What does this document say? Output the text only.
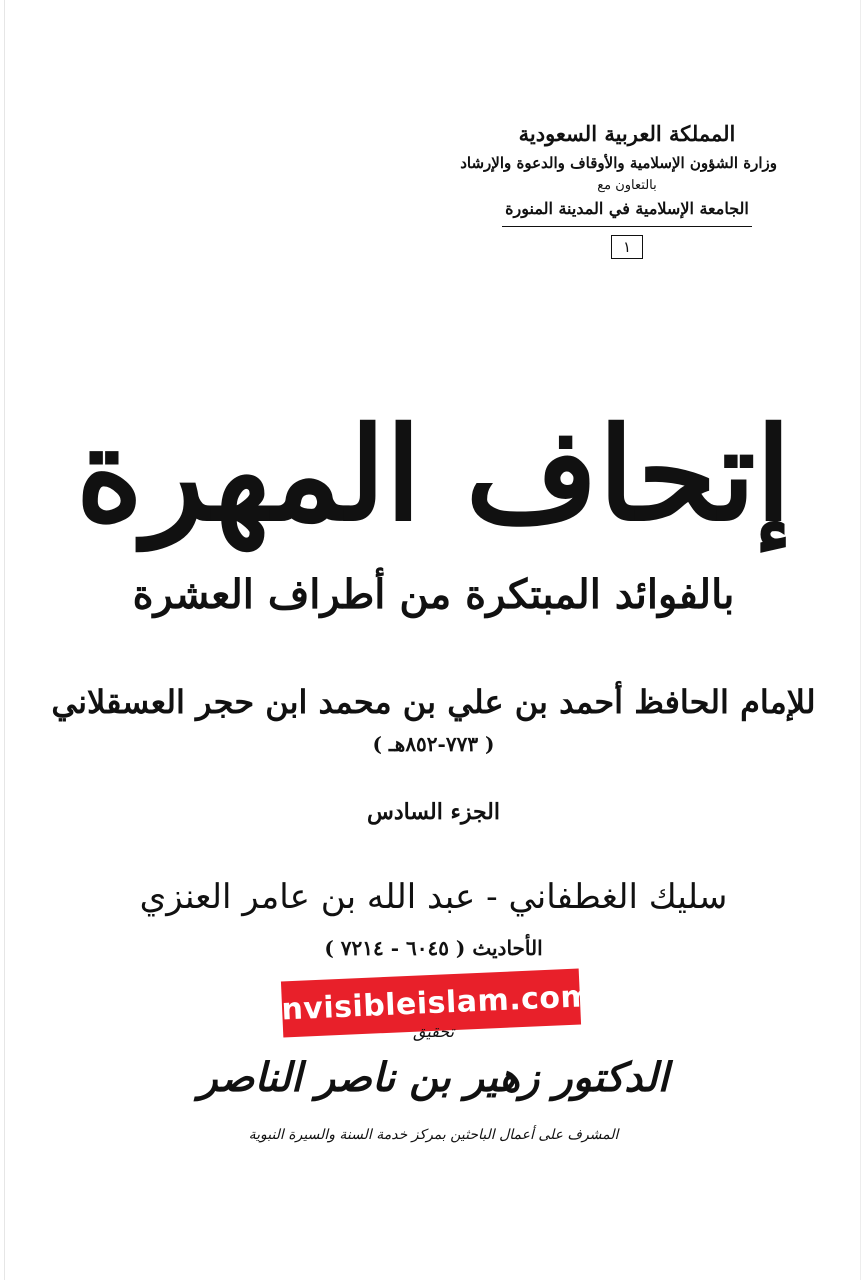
المملكة العربية السعودية
وزارة الشؤون الإسلامية والأوقاف والدعوة والإرشاد
بالتعاون مع
الجامعة الإسلامية في المدينة المنورة
١
إتحاف المهرة
بالفوائد المبتكرة من أطراف العشرة
للإمام الحافظ أحمد بن علي بن محمد ابن حجر العسقلاني
( ٧٧٣-٨٥٢هـ )
الجزء السادس
سليك الغطفاني - عبد الله بن عامر العنزي
الأحاديث ( ٦٠٤٥ - ٧٢١٤ )
Invisibleislam.com
تحقيق
الدكتور زهير بن ناصر الناصر
المشرف على أعمال الباحثين بمركز خدمة السنة والسيرة النبوية
